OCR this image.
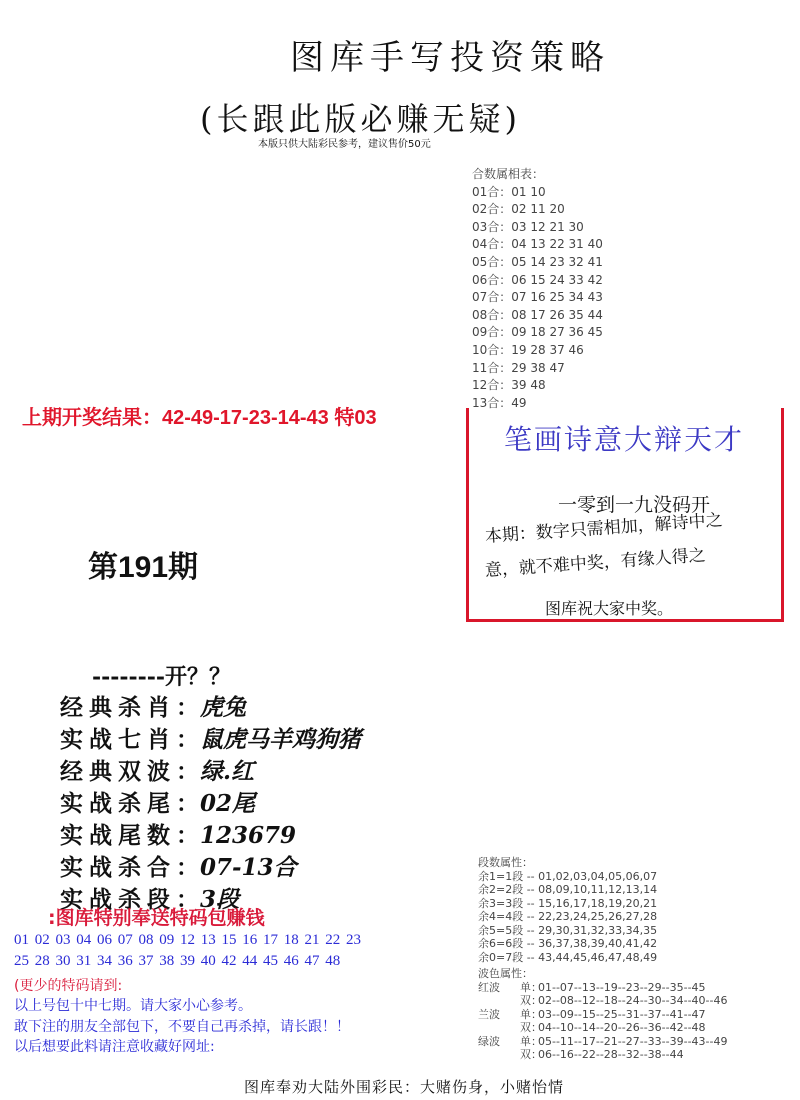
图库手写投资策略
(长跟此版必赚无疑)
本版只供大陆彩民参考，建议售价50元
合数属相表：
01合：01 10
02合：02 11 20
03合：03 12 21 30
04合：04 13 22 31 40
05合：05 14 23 32 41
06合：06 15 24 33 42
07合：07 16 25 34 43
08合：08 17 26 35 44
09合：09 18 27 36 45
10合：19 28 37 46
11合：29 38 47
12合：39 48
13合：49
上期开奖结果：42-49-17-23-14-43 特03
笔画诗意大辩天才
一零到一九没码开
本期：数字只需相加，解诗中之
意，就不难中奖，有缘人得之
图库祝大家中奖。
第191期
--------开？？
经典杀肖：
虎兔
实战七肖：
鼠虎马羊鸡狗猪
经典双波：
绿.红
实战杀尾：
02尾
实战尾数：
123679
实战杀合：
07-13合
实战杀段：
3段
:图库特别奉送特码包赚钱
01 02 03 04 06 07 08 09 12 13 15 16 17 18 21 22 23
25 28 30 31 34 36 37 38 39 40 42 44 45 46 47 48
(更少的特码请到:
以上号包十中七期。请大家小心参考。
敢下注的朋友全部包下，不要自己再杀掉，请长跟！！
以后想要此料请注意收藏好网址:
段数属性：
余1=1段 -- 01,02,03,04,05,06,07
余2=2段 -- 08,09,10,11,12,13,14
余3=3段 -- 15,16,17,18,19,20,21
余4=4段 -- 22,23,24,25,26,27,28
余5=5段 -- 29,30,31,32,33,34,35
余6=6段 -- 36,37,38,39,40,41,42
余0=7段 -- 43,44,45,46,47,48,49
波色属性：
红波	单：
01--07--13--19--23--29--35--45
双：
02--08--12--18--24--30--34--40--46
兰波	单：
03--09--15--25--31--37--41--47
双：
04--10--14--20--26--36--42--48
绿波	单：
05--11--17--21--27--33--39--43--49
双：
06--16--22--28--32--38--44
图库奉劝大陆外围彩民：大赌伤身，小赌怡情
